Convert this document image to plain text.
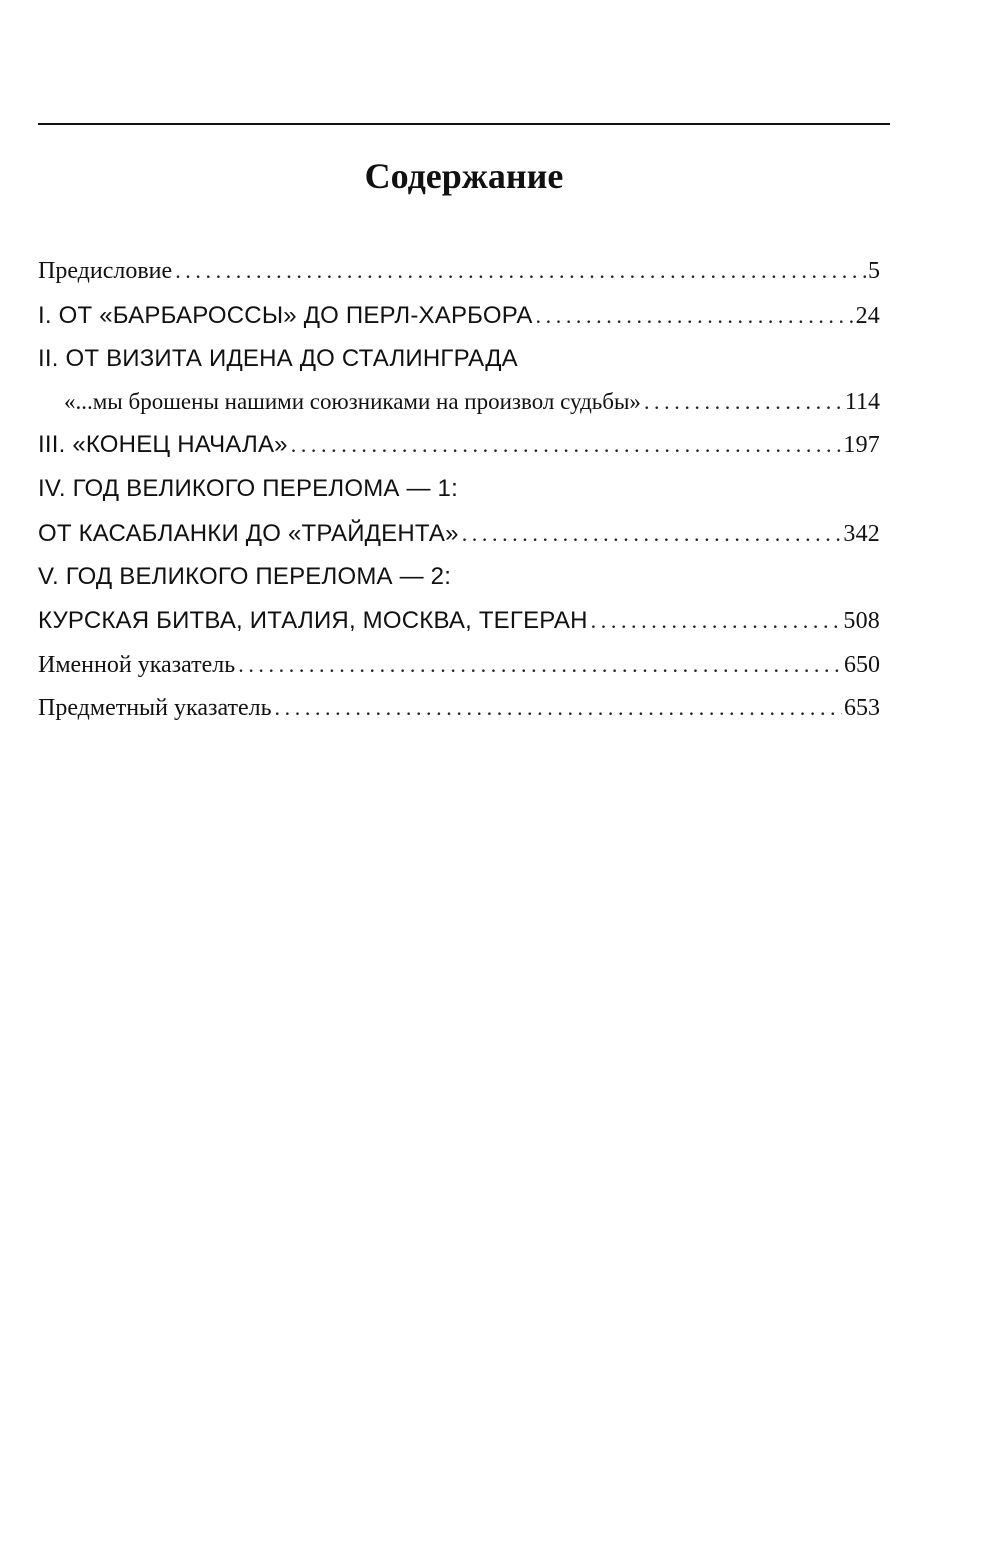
Содержание
Предисловие .....	5
I. ОТ «БАРБАРОССЫ» ДО ПЕРЛ-ХАРБОРА .....	24
II. ОТ ВИЗИТА ИДЕНА ДО СТАЛИНГРАДА
«...мы брошены нашими союзниками на произвол судьбы» .....	114
III. «КОНЕЦ НАЧАЛА» .....	197
IV. ГОД ВЕЛИКОГО ПЕРЕЛОМА — 1:
ОТ КАСАБЛАНКИ ДО «ТРАЙДЕНТА» .....	342
V. ГОД ВЕЛИКОГО ПЕРЕЛОМА — 2:
КУРСКАЯ БИТВА, ИТАЛИЯ, МОСКВА, ТЕГЕРАН .....	508
Именной указатель .....	650
Предметный указатель .....	653
